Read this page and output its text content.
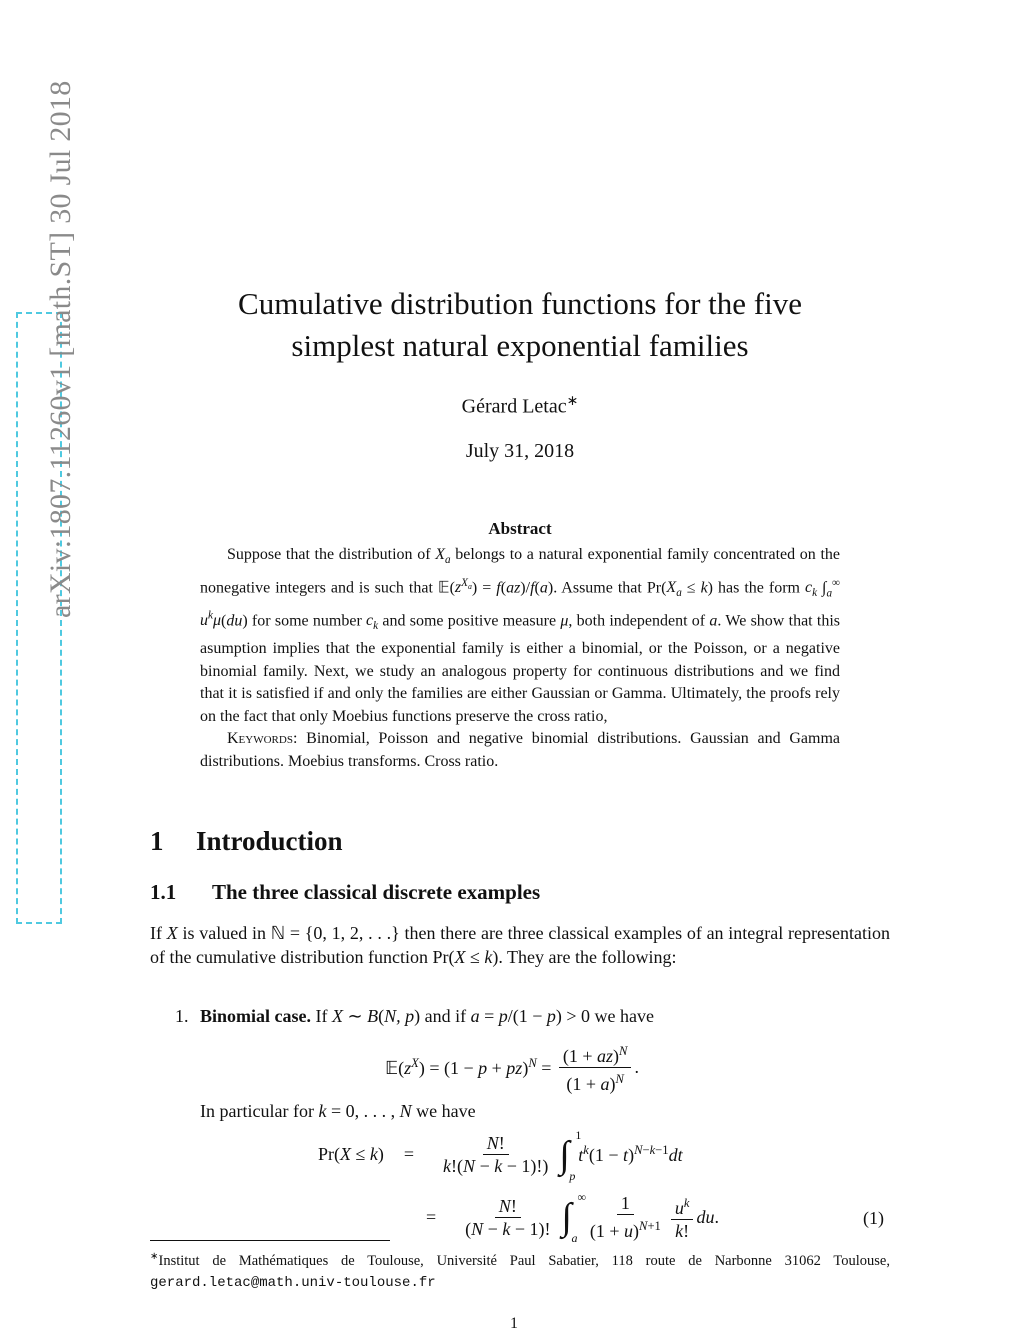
arXiv:1807.11260v1 [math.ST] 30 Jul 2018	Cumulative distribution functions for the five
simplest natural exponential families
Gérard Letac∗
July 31, 2018
Abstract

Suppose that the distribution of $X_a$ belongs to a natural exponential family concentrated on the nonegative integers and is such that $𝔼(z^{X_a}) = f(az)/f(a)$. Assume that $Pr(X_a \le k)$ has the form $c_k$ $\int_a^\infty$ $u^k\mu(du)$ for some number $c_k$ and some positive measure μ, both independent of a. We show that this asumption implies that the exponential family is either a binomial, or the Poisson, or a negative binomial family. Next, we study an analogous property for continuous distributions and we find that it is satisfied if and only the families are either Gaussian or Gamma. Ultimately, the proofs rely on the fact that only Moebius functions preserve the cross ratio,

Keywords: Binomial, Poisson and negative binomial distributions. Gaussian and Gamma distributions. Moebius transforms. Cross ratio.

1 Introduction
1.1 The three classical discrete examples
If X is valued in ℕ = {0, 1, 2, . . .} then there are three classical examples of an integral representation of the cumulative distribution function Pr(X ≤ k). They are the following:
1. Binomial case. If X ∼ B(N, p) and if a = p/(1 − p) > 0 we have
$𝔼(z^X) = (1 - p + pz)^N = \frac{(1 + az)^N}{(1 + a)^N}$ .
In particular for k = 0, . . . , N we have
$Pr(X \le k) = \frac{N!}{k!(N - k - 1)!)}$ ∫ 1
p
$t^k(1 - t)^{N-k-1}dt$
= $\frac{N!}{(N - k - 1)!}$ ∫ ∞
a $\frac{1}{(1 + u)^{N+1}} \frac{u^k}{k!}$ du.	(1)
∗Institut de Mathématiques de Toulouse, Université Paul Sabatier, 118 route de Narbonne 31062 Toulouse, gerard.letac@math.univ-toulouse.fr
1
